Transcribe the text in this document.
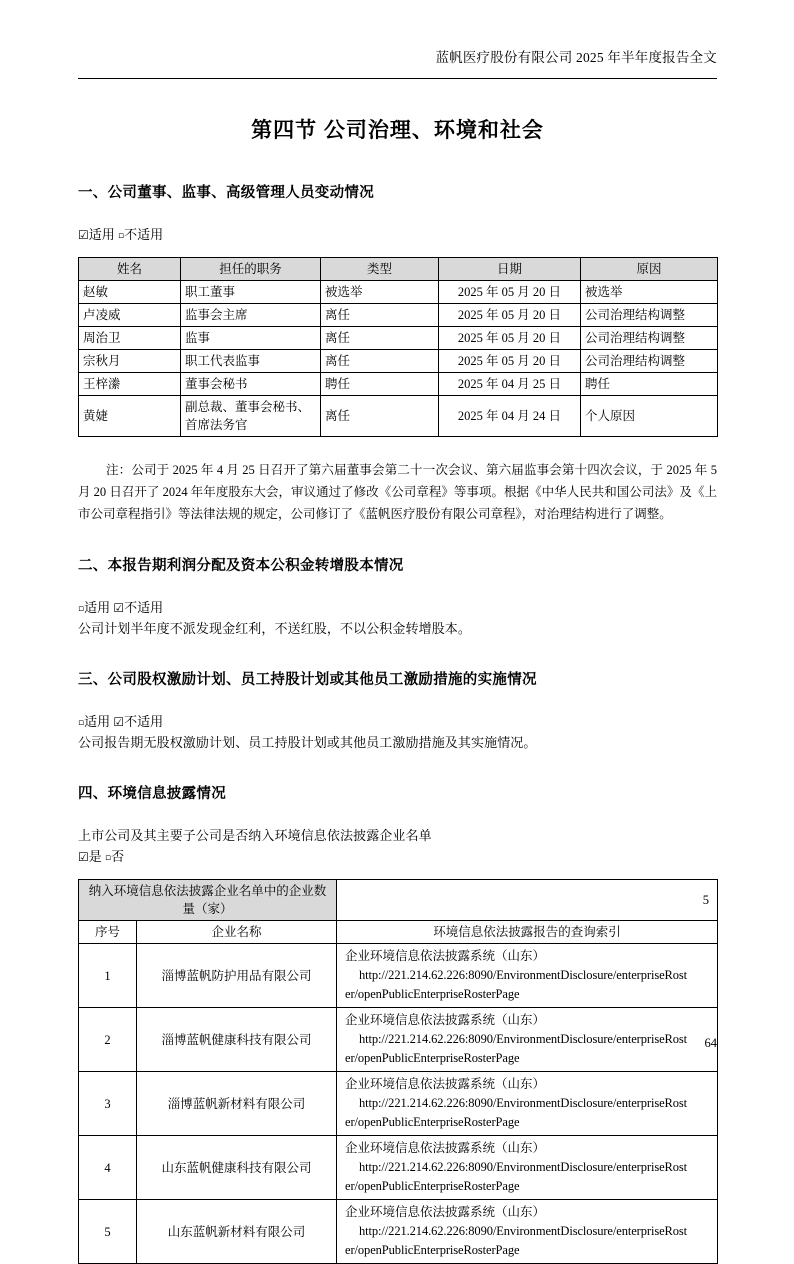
蓝帆医疗股份有限公司 2025 年半年度报告全文
第四节 公司治理、环境和社会
一、公司董事、监事、高级管理人员变动情况

☑适用 ▫不适用

姓名	担任的职务	类型	日期	原因
赵敏	职工董事	被选举	2025 年 05 月 20 日	被选举
卢凌威	监事会主席	离任	2025 年 05 月 20 日	公司治理结构调整
周治卫	监事	离任	2025 年 05 月 20 日	公司治理结构调整
宗秋月	职工代表监事	离任	2025 年 05 月 20 日	公司治理结构调整
王梓潫	董事会秘书	聘任	2025 年 04 月 25 日	聘任
黄婕	副总裁、董事会秘书、首席法务官	离任	2025 年 04 月 24 日	个人原因

注：公司于 2025 年 4 月 25 日召开了第六届董事会第二十一次会议、第六届监事会第十四次会议，于 2025 年 5 月 20 日召开了 2024 年年度股东大会，审议通过了修改《公司章程》等事项。根据《中华人民共和国公司法》及《上市公司章程指引》等法律法规的规定，公司修订了《蓝帆医疗股份有限公司章程》，对治理结构进行了调整。

二、本报告期利润分配及资本公积金转增股本情况

▫适用 ☑不适用

公司计划半年度不派发现金红利，不送红股，不以公积金转增股本。

三、公司股权激励计划、员工持股计划或其他员工激励措施的实施情况

▫适用 ☑不适用

公司报告期无股权激励计划、员工持股计划或其他员工激励措施及其实施情况。

四、环境信息披露情况

上市公司及其主要子公司是否纳入环境信息依法披露企业名单

☑是 ▫否

纳入环境信息依法披露企业名单中的企业数量（家）		5
序号	企业名称	环境信息依法披露报告的查询索引
1	淄博蓝帆防护用品有限公司	企业环境信息依法披露系统（山东）
http://221.214.62.226:8090/EnvironmentDisclosure/enterpriseRost
er/openPublicEnterpriseRosterPage

2	淄博蓝帆健康科技有限公司	企业环境信息依法披露系统（山东）
http://221.214.62.226:8090/EnvironmentDisclosure/enterpriseRost
er/openPublicEnterpriseRosterPage

3	淄博蓝帆新材料有限公司	企业环境信息依法披露系统（山东）
http://221.214.62.226:8090/EnvironmentDisclosure/enterpriseRost
er/openPublicEnterpriseRosterPage

4	山东蓝帆健康科技有限公司	企业环境信息依法披露系统（山东）
http://221.214.62.226:8090/EnvironmentDisclosure/enterpriseRost
er/openPublicEnterpriseRosterPage

5	山东蓝帆新材料有限公司	企业环境信息依法披露系统（山东）
http://221.214.62.226:8090/EnvironmentDisclosure/enterpriseRost
er/openPublicEnterpriseRosterPage
64
